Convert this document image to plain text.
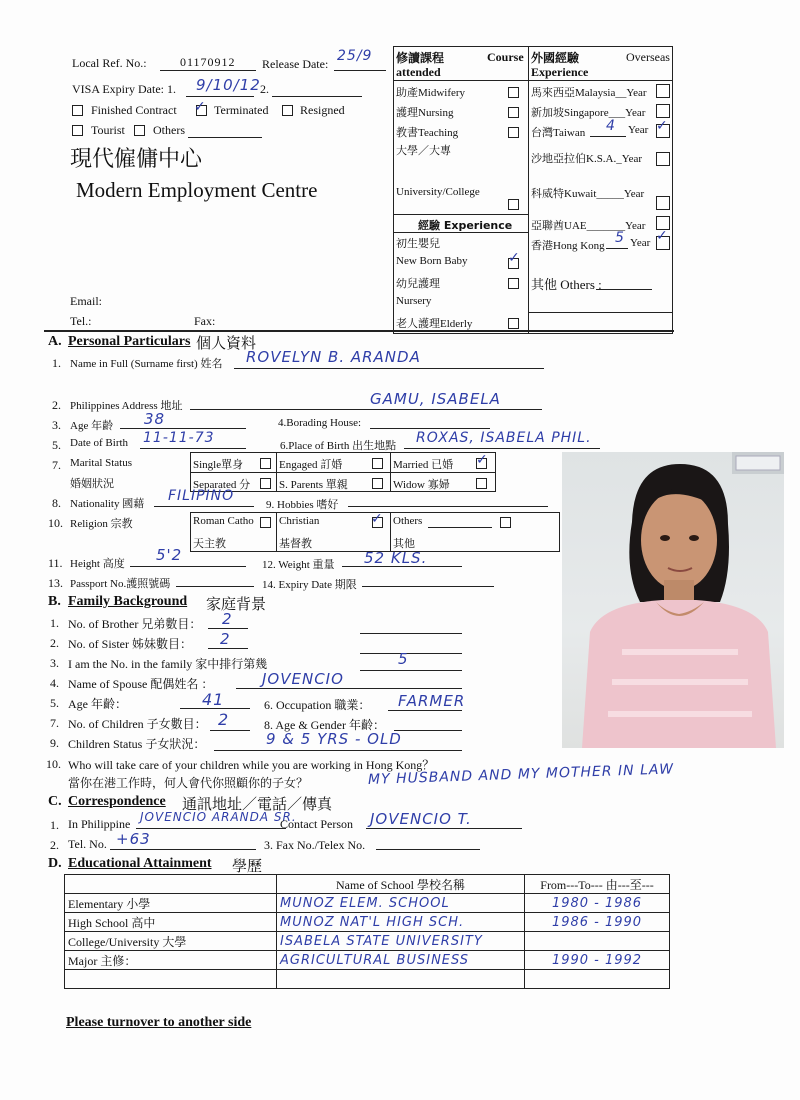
Local Ref. No.:	01170912 Release Date: 25/9
VISA Expiry Date: 1. 9/10/12 2.
Finished Contract ✓ Terminated	Resigned
Tourist Others
現代僱傭中心
Modern Employment Centre
Email:
Tel.:	Fax:
修讀課程	Course
attended
外國經驗	Overseas
Experience
助產Midwifery
護理Nursing
教書Teaching
大學／大專
University/College
經驗 Experience
初生嬰兒
New Born Baby	✓
幼兒護理
Nursery
老人護理Elderly
馬來西亞Malaysia__Year
新加坡Singapore___Year
台灣Taiwan 4 Year ✓
沙地亞拉伯K.S.A._Year
科威特Kuwait_____Year
亞聯酋UAE_______Year
香港Hong Kong 5 Year ✓
其他 Others :
A. Personal Particulars 個人資料
1. Name in Full (Surname first) 姓名 ROVELYN B. ARANDA
2. Philippines Address 地址	GAMU, ISABELA
3. Age 年齡 38	4.Borading House:
5. Date of Birth 11-11-73	6.Place of Birth 出生地點 ROXAS, ISABELA PHIL.
7. Marital Status
婚姻狀況
Single單身	Engaged 訂婚	Married 已婚 ✓
Separated 分	S. Parents 單親	Widow 寡婦
8. Nationality 國藉 FILIPINO
9. Hobbies 嗜好
10. Religion 宗教	Roman Catho
天主教
Christian	✓
基督教
Others
其他
11. Height 高度 5'2
12. Weight 重量 52 KLS.
13. Passport No.護照號碼	14. Expiry Date 期限
B. Family Background 家庭背景
1. No. of Brother 兄弟數目： 2
2. No. of Sister 姊妹數目： 2
3. I am the No. in the family 家中排行第幾	5
4. Name of Spouse 配偶姓名 ：	JOVENCIO
5. Age 年齡：	41	6. Occupation 職業： FARMER
7. No. of Children 子女數目： 2	8. Age & Gender 年齡：
9. Children Status 子女狀況：	9 & 5 YRS - OLD
10. Who will take care of your children while you are working in Hong Kong？
當你在港工作時，何人會代你照顧你的子女？	MY HUSBAND AND MY MOTHER IN LAW
C. Correspondence 通訊地址／電話／傳真
1. In Philippine JOVENCIO ARANDA SR.
Contact Person JOVENCIO T.
2. Tel. No. +63	3. Fax No./Telex No.
D. Educational Attainment 學歷
	Name of School 學校名稱	From---To--- 由---至---
Elementary 小學	MUNOZ ELEM. SCHOOL	1980 - 1986
High School 高中	MUNOZ NAT'L HIGH SCH.	1986 - 1990
College/University 大學	ISABELA STATE UNIVERSITY	
Major 主修：	AGRICULTURAL BUSINESS	1990 - 1992

Please turnover to another side
